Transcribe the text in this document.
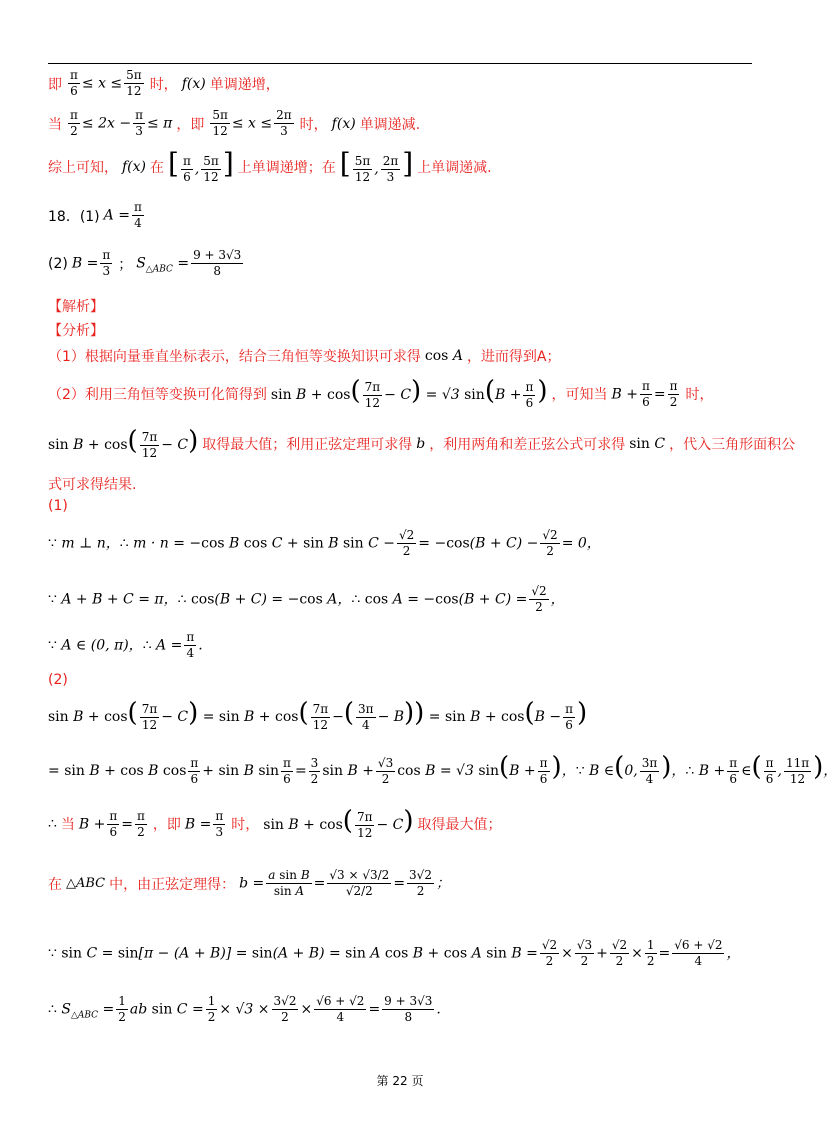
即 $\frac{\pi}{6} \le x \le \frac{5\pi}{12}$ 时， f(x) 单调递增，
当 $\frac{\pi}{2} \le 2x - \frac{\pi}{3} \le \pi$ ，即 $\frac{5\pi}{12} \le x \le \frac{2\pi}{3}$ 时， f(x) 单调递减.
综上可知， f(x) 在 [ $\frac{\pi}{6}$ , $\frac{5\pi}{12}$ ] 上单调递增；在 [ $\frac{5\pi}{12}$ , $\frac{2\pi}{3}$ ] 上单调递减.
18．(1) $A = \frac{\pi}{4}$
(2) $B = \frac{\pi}{3}$ ； $S_{\triangle ABC} = \frac{9 + 3√3}{8}$
【解析】
【分析】
（1）根据向量垂直坐标表示，结合三角恒等变换知识可求得 cos A ，进而得到A；
（2）利用三角恒等变换可化简得到 $\sin B + \cos( \frac{7\pi}{12} - C) = √3$ $\sin(B + \frac{\pi}{6}$ ) ，可知当 $B + \frac{\pi}{6} = \frac{\pi}{2}$ 时，
$\sin B + \cos( \frac{7\pi}{12} - C)$ 取得最大值；利用正弦定理可求得 b ，利用两角和差正弦公式可求得 sin C ，代入三角形面积公
式可求得结果.
(1)
∵ m ⊥ n，∴ m · n = −cos B cos C + sin B $\sin C - \frac{√2}{2} = -\cos(B + C) - \frac{√2}{2} = 0$，
∵ A + B + C = π，∴ cos(B + C) = −cos A，∴ $\cos A = -\cos(B + C) = \frac{√2}{2}$ ，
∵ A ∈ (0, π)，∴ $A = \frac{\pi}{4}$ .
(2)
$\sin B + \cos( \frac{7\pi}{12} - C) = \sin B + \cos( \frac{7\pi}{12}$ −( $\frac{3\pi}{4} - B)) = \sin B + \cos(B - \frac{\pi}{6}$ )
= sin B + cos B $\cos \frac{\pi}{6} + \sin B$ $\sin \frac{\pi}{6} = \frac{3}{2}$ $\sin B + \frac{√3}{2}$ cos B = √3 $\sin(B + \frac{\pi}{6}$ )，∵ B ∈(0, $\frac{3\pi}{4}$ )，∴ $B + \frac{\pi}{6}$ ∈( $\frac{\pi}{6}$ , $\frac{11\pi}{12}$ )，
∴ 当 $B + \frac{\pi}{6} = \frac{\pi}{2}$ ，即 $B = \frac{\pi}{3}$ 时， $\sin B + \cos( \frac{7\pi}{12} - C)$ 取得最大值；
在 △ABC 中，由正弦定理得： $b = \frac{\text{a sin B}}{\text{sin A}} = \frac{√3 \times √3/2}{√2/2} = \frac{3√2}{2}$ ；
∵ sin C = sin[π − (A + B)] = sin(A + B) = sin A cos B + cos A $\sin B = \frac{√2}{2} \times \frac{√3}{2} + \frac{√2}{2} \times \frac{1}{2} = \frac{√6 + √2}{4}$ ，
∴ $S_{\triangle ABC} = \frac{1}{2}$ ab $\sin C = \frac{1}{2} \times √3 \times \frac{3√2}{2} \times \frac{√6 + √2}{4} = \frac{9 + 3√3}{8}$ .
第 22 页
